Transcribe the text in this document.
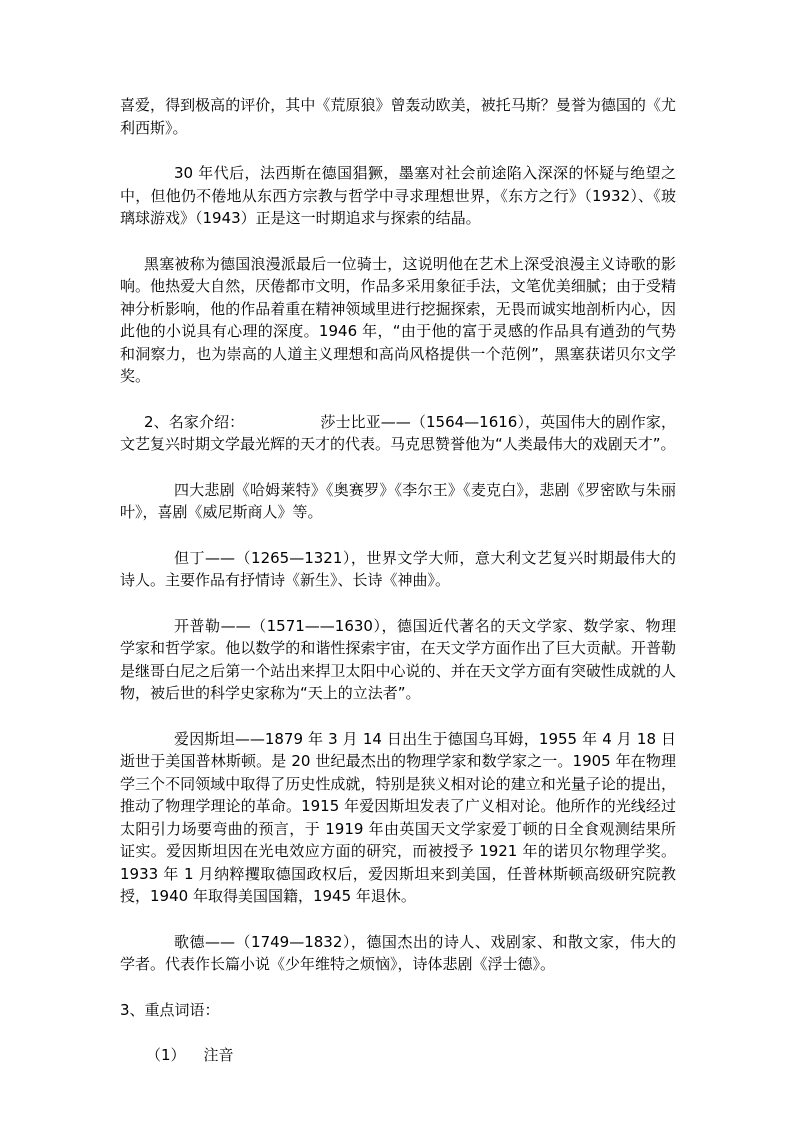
喜爱，得到极高的评价，其中《荒原狼》曾轰动欧美，被托马斯？曼誉为德国的《尤利西斯》。

30 年代后，法西斯在德国猖獗，墨塞对社会前途陷入深深的怀疑与绝望之中，但他仍不倦地从东西方宗教与哲学中寻求理想世界，《东方之行》（1932）、《玻璃球游戏》（1943）正是这一时期追求与探索的结晶。

黑塞被称为德国浪漫派最后一位骑士，这说明他在艺术上深受浪漫主义诗歌的影响。他热爱大自然，厌倦都市文明，作品多采用象征手法，文笔优美细腻；由于受精神分析影响，他的作品着重在精神领域里进行挖掘探索，无畏而诚实地剖析内心，因此他的小说具有心理的深度。1946 年，“由于他的富于灵感的作品具有遒劲的气势和洞察力，也为崇高的人道主义理想和高尚风格提供一个范例”，黑塞获诺贝尔文学奖。

2、名家介绍：	莎士比亚——（1564—1616），英国伟大的剧作家，文艺复兴时期文学最光辉的天才的代表。马克思赞誉他为“人类最伟大的戏剧天才”。

四大悲剧《哈姆莱特》《奥赛罗》《李尔王》《麦克白》，悲剧《罗密欧与朱丽叶》，喜剧《威尼斯商人》等。

但丁——（1265—1321），世界文学大师，意大利文艺复兴时期最伟大的诗人。主要作品有抒情诗《新生》、长诗《神曲》。

开普勒——（1571——1630），德国近代著名的天文学家、数学家、物理学家和哲学家。他以数学的和谐性探索宇宙，在天文学方面作出了巨大贡献。开普勒是继哥白尼之后第一个站出来捍卫太阳中心说的、并在天文学方面有突破性成就的人物，被后世的科学史家称为“天上的立法者”。

爱因斯坦——1879 年 3 月 14 日出生于德国乌耳姆，1955 年 4 月 18 日逝世于美国普林斯顿。是 20 世纪最杰出的物理学家和数学家之一。1905 年在物理学三个不同领域中取得了历史性成就，特别是狭义相对论的建立和光量子论的提出，推动了物理学理论的革命。1915 年爱因斯坦发表了广义相对论。他所作的光线经过太阳引力场要弯曲的预言，于 1919 年由英国天文学家爱丁顿的日全食观测结果所证实。爱因斯坦因在光电效应方面的研究，而被授予 1921 年的诺贝尔物理学奖。1933 年 1 月纳粹攫取德国政权后，爱因斯坦来到美国，任普林斯顿高级研究院教授，1940 年取得美国国籍，1945 年退休。

歌德——（1749—1832），德国杰出的诗人、戏剧家、和散文家，伟大的学者。代表作长篇小说《少年维特之烦恼》，诗体悲剧《浮士德》。

3、重点词语：

（1） 注音
